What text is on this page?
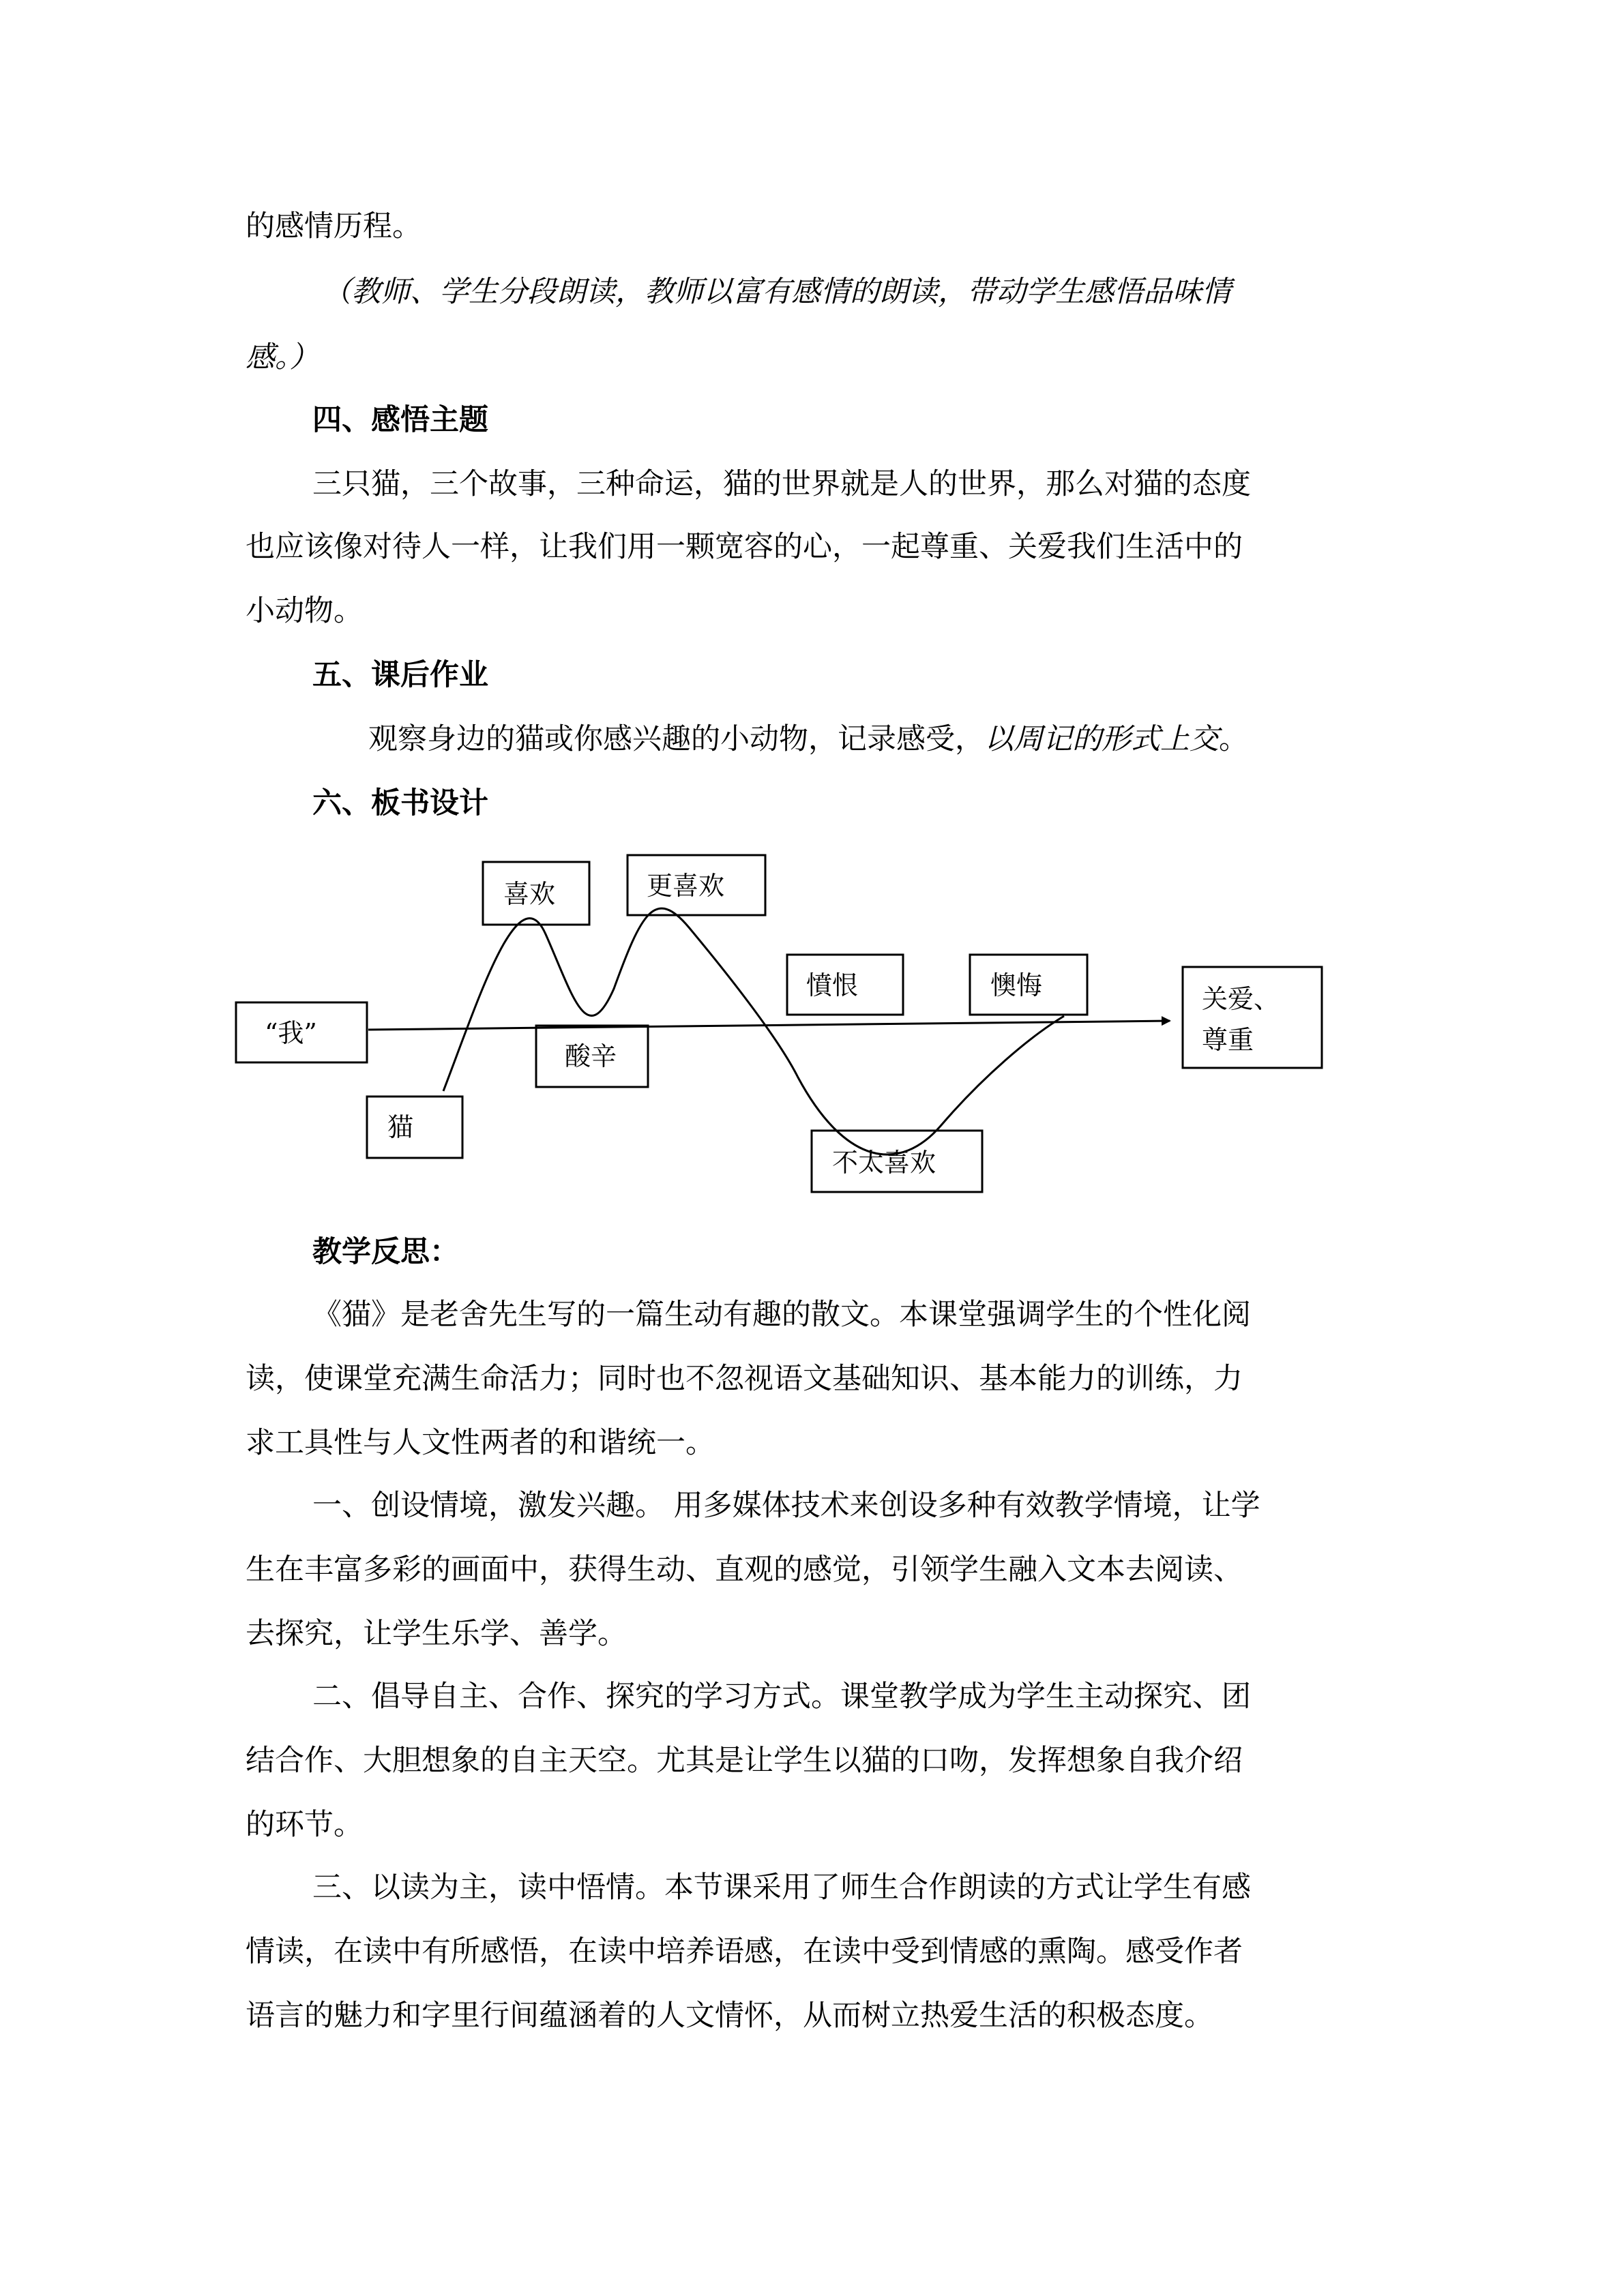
的感情历程。
（教师、学生分段朗读，教师以富有感情的朗读，带动学生感悟品味情
感。）
四、感悟主题
三只猫，三个故事，三种命运，猫的世界就是人的世界，那么对猫的态度
也应该像对待人一样，让我们用一颗宽容的心，一起尊重、关爱我们生活中的
小动物。
五、课后作业
观察身边的猫或你感兴趣的小动物，记录感受，以周记的形式上交。
六、板书设计
“我”
猫
喜欢
酸辛
更喜欢
憤恨	懊悔
不太喜欢
关爱、
尊重
教学反思：
《猫》是老舍先生写的一篇生动有趣的散文。本课堂强调学生的个性化阅
读，使课堂充满生命活力；同时也不忽视语文基础知识、基本能力的训练，力
求工具性与人文性两者的和谐统一。
一、创设情境，激发兴趣。 用多媒体技术来创设多种有效教学情境，让学
生在丰富多彩的画面中，获得生动、直观的感觉，引领学生融入文本去阅读、
去探究，让学生乐学、善学。
二、倡导自主、合作、探究的学习方式。课堂教学成为学生主动探究、团
结合作、大胆想象的自主天空。尤其是让学生以猫的口吻，发挥想象自我介绍
的环节。
三、以读为主，读中悟情。本节课采用了师生合作朗读的方式让学生有感
情读，在读中有所感悟，在读中培养语感，在读中受到情感的熏陶。感受作者
语言的魅力和字里行间蕴涵着的人文情怀，从而树立热爱生活的积极态度。
